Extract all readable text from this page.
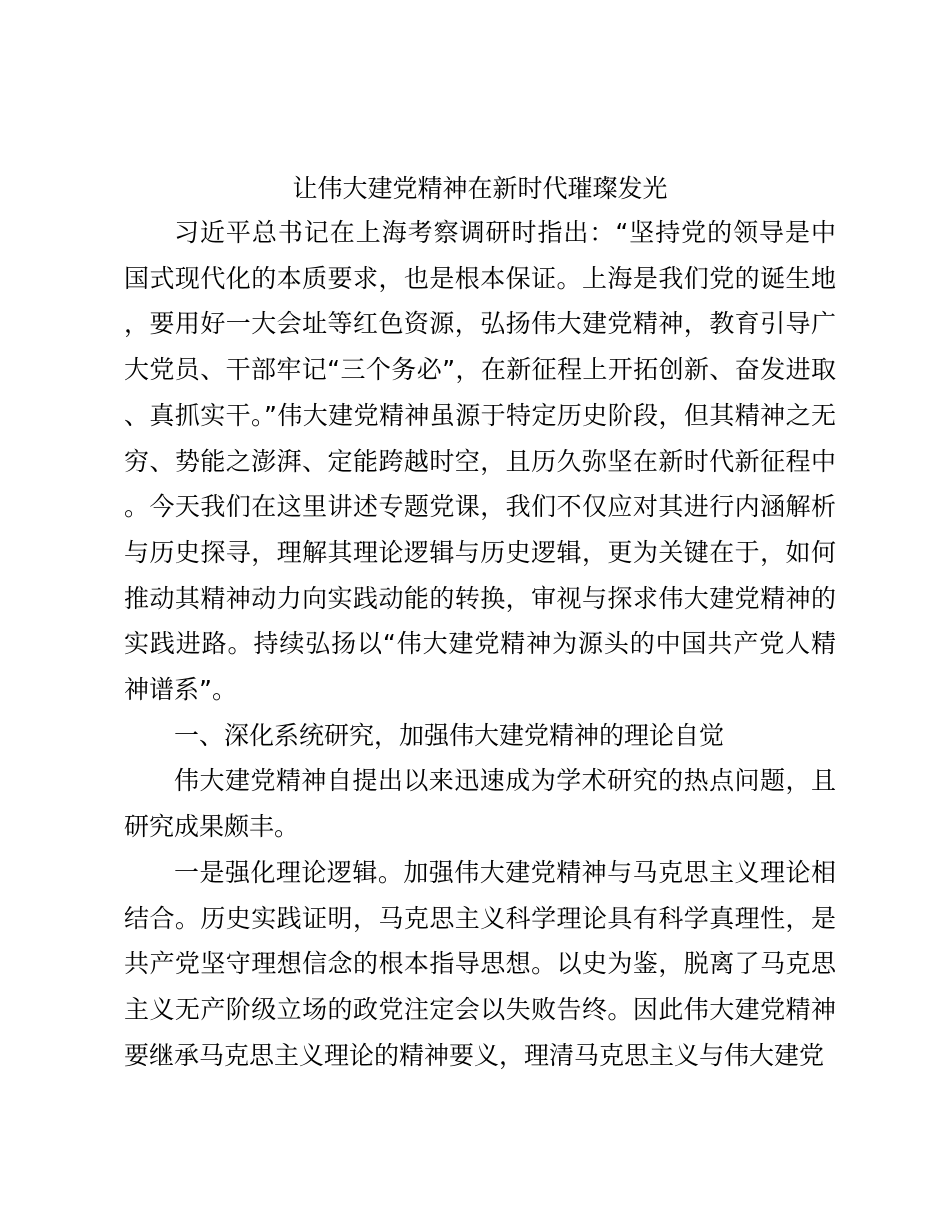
让伟大建党精神在新时代璀璨发光

习近平总书记在上海考察调研时指出：“坚持党的领导是中国式现代化的本质要求，也是根本保证。上海是我们党的诞生地，要用好一大会址等红色资源，弘扬伟大建党精神，教育引导广大党员、干部牢记“三个务必”，在新征程上开拓创新、奋发进取、真抓实干。”伟大建党精神虽源于特定历史阶段，但其精神之无穷、势能之澎湃、定能跨越时空，且历久弥坚在新时代新征程中。今天我们在这里讲述专题党课，我们不仅应对其进行内涵解析与历史探寻，理解其理论逻辑与历史逻辑，更为关键在于，如何推动其精神动力向实践动能的转换，审视与探求伟大建党精神的实践进路。持续弘扬以“伟大建党精神为源头的中国共产党人精神谱系”。

一、深化系统研究，加强伟大建党精神的理论自觉

伟大建党精神自提出以来迅速成为学术研究的热点问题，且研究成果颇丰。

一是强化理论逻辑。加强伟大建党精神与马克思主义理论相结合。历史实践证明，马克思主义科学理论具有科学真理性，是共产党坚守理想信念的根本指导思想。以史为鉴，脱离了马克思主义无产阶级立场的政党注定会以失败告终。因此伟大建党精神要继承马克思主义理论的精神要义，理清马克思主义与伟大建党
